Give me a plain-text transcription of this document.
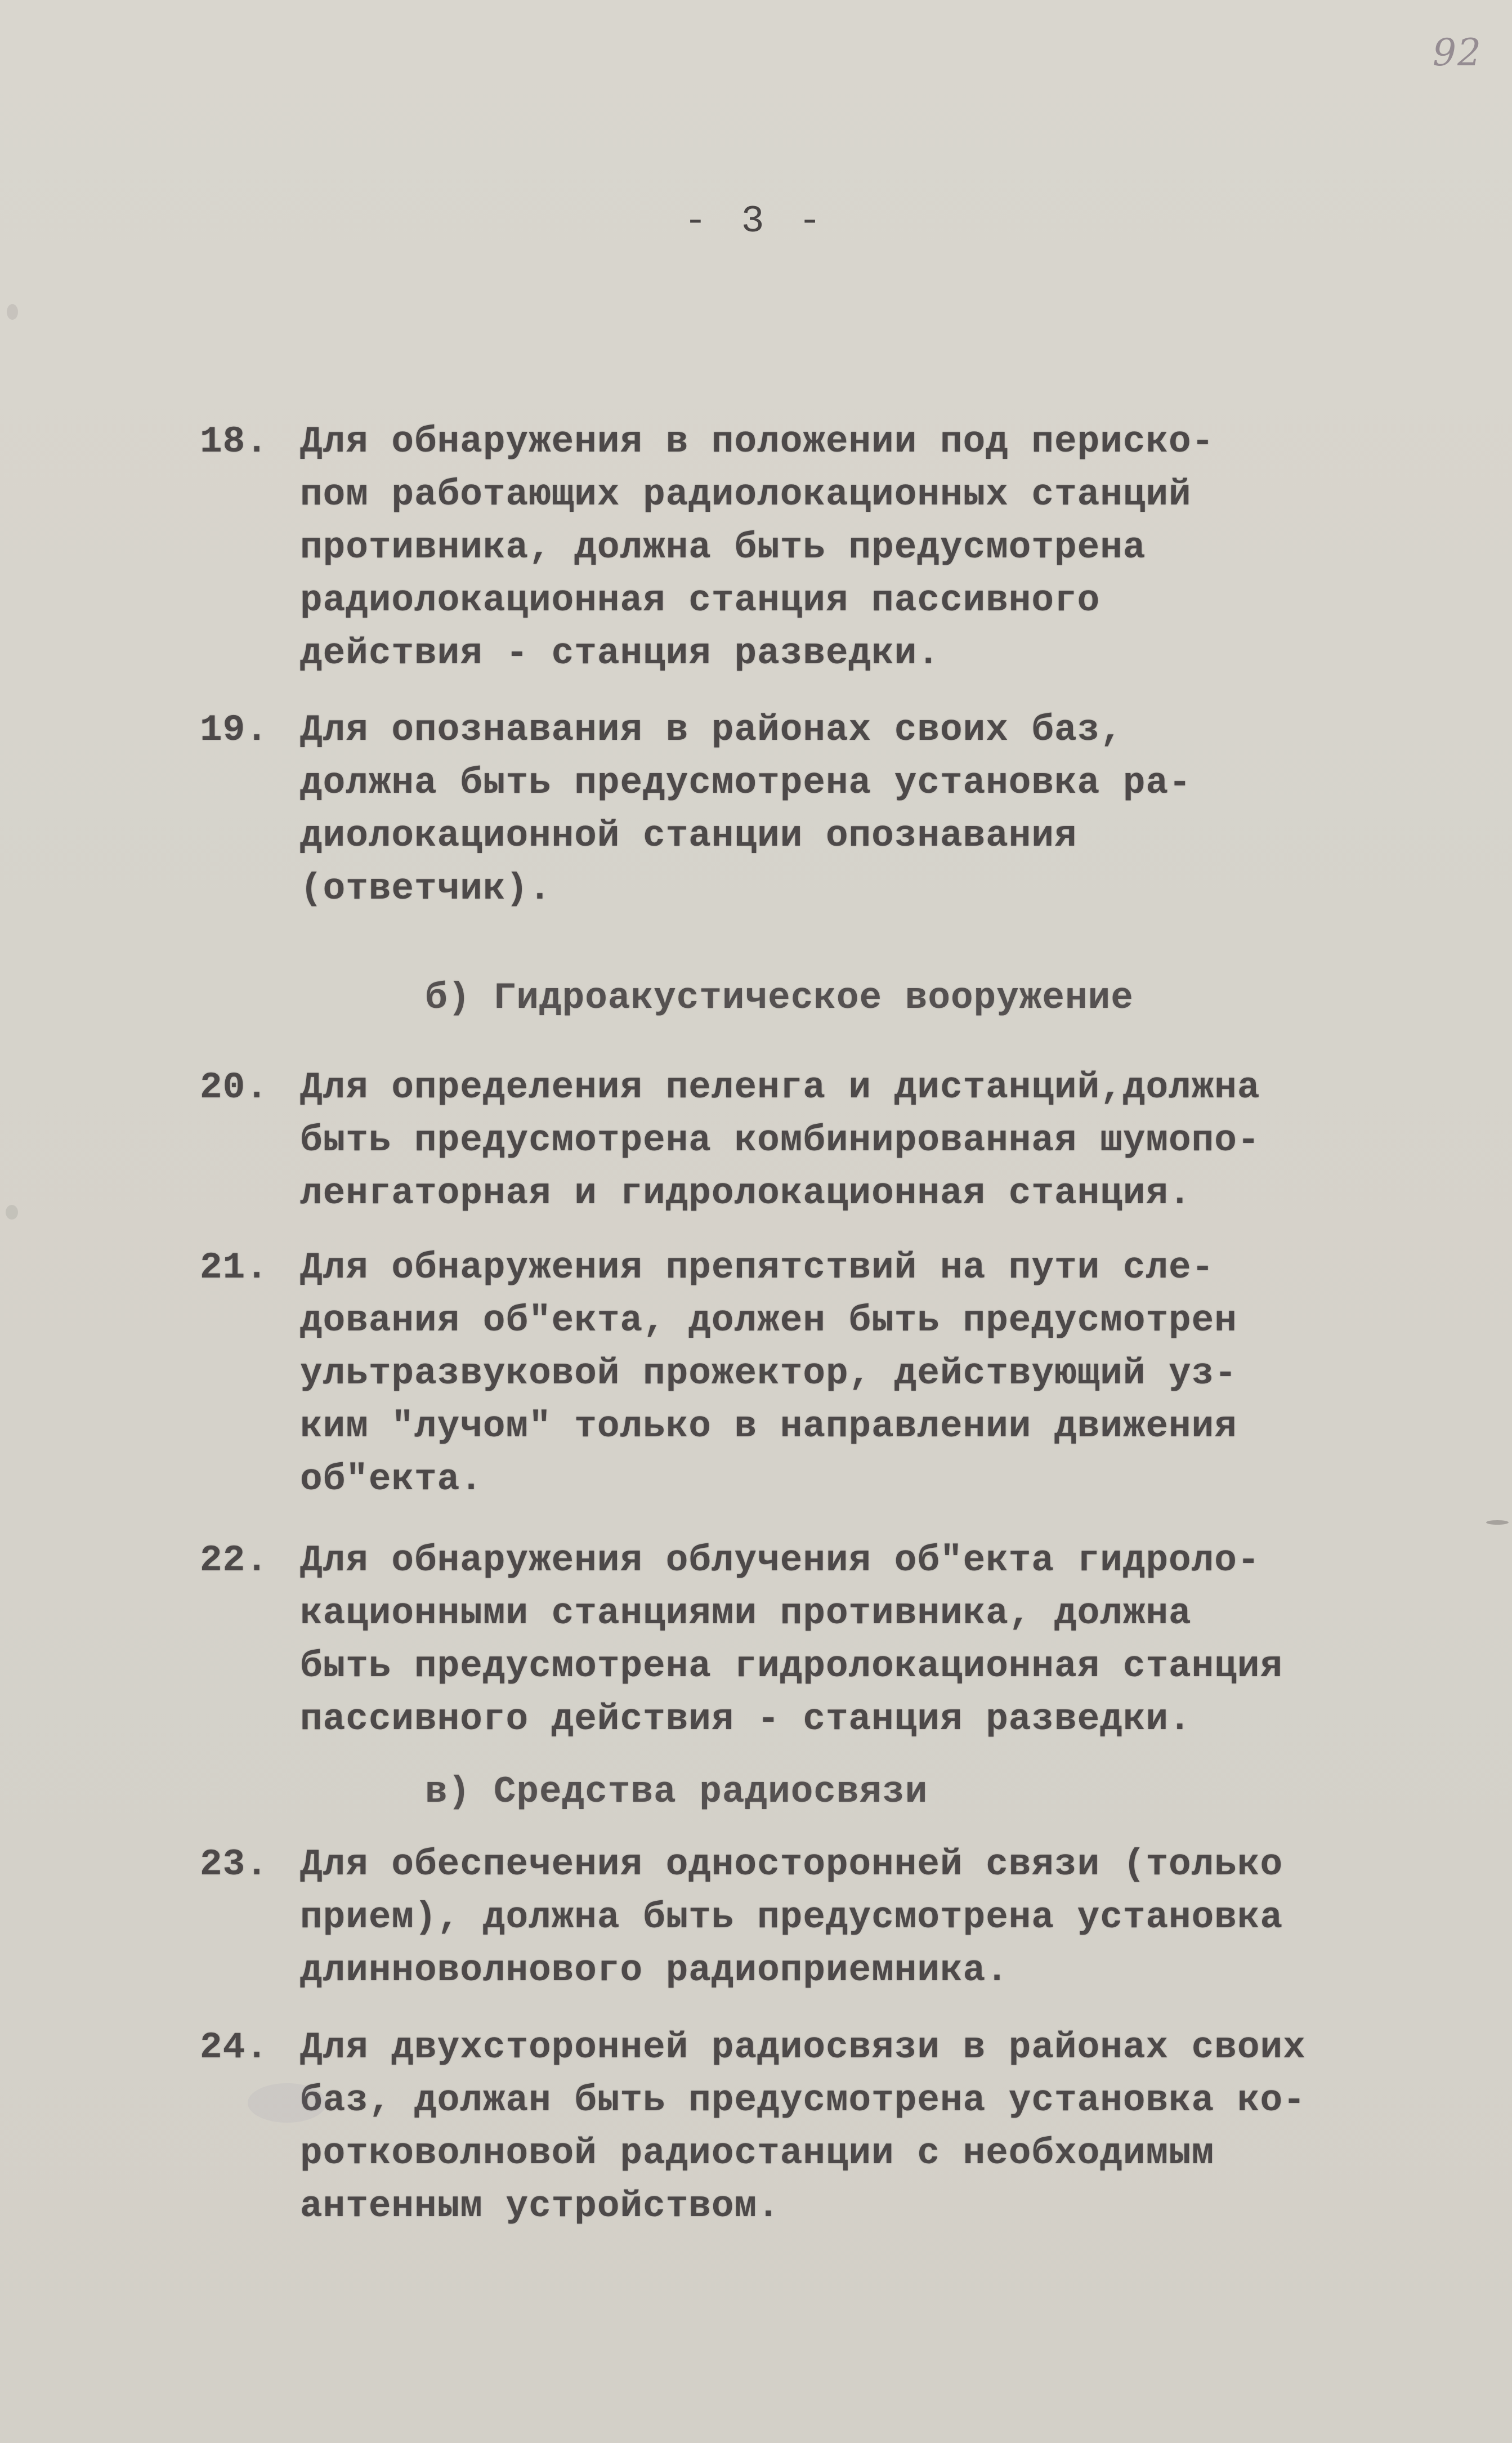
92
- 3 -
18. Для обнаружения в положении под периско-
пом работающих радиолокационных станций
противника, должна быть предусмотрена
радиолокационная станция пассивного
действия - станция разведки.
19. Для опознавания в районах своих баз,
должна быть предусмотрена установка ра-
диолокационной станции опознавания
(ответчик).
б) Гидроакустическое вооружение
20. Для определения пеленга и дистанций,должна
быть предусмотрена комбинированная шумопо-
ленгаторная и гидролокационная станция.
21. Для обнаружения препятствий на пути сле-
дования об"екта, должен быть предусмотрен
ультразвуковой прожектор, действующий уз-
ким "лучом" только в направлении движения
об"екта.
22. Для обнаружения облучения об"екта гидроло-
кационными станциями противника, должна
быть предусмотрена гидролокационная станция
пассивного действия - станция разведки.
в) Средства радиосвязи
23. Для обеспечения односторонней связи (только
прием), должна быть предусмотрена установка
длинноволнового радиоприемника.
24. Для двухсторонней радиосвязи в районах своих
баз, должан быть предусмотрена установка ко-
ротковолновой радиостанции с необходимым
антенным устройством.
